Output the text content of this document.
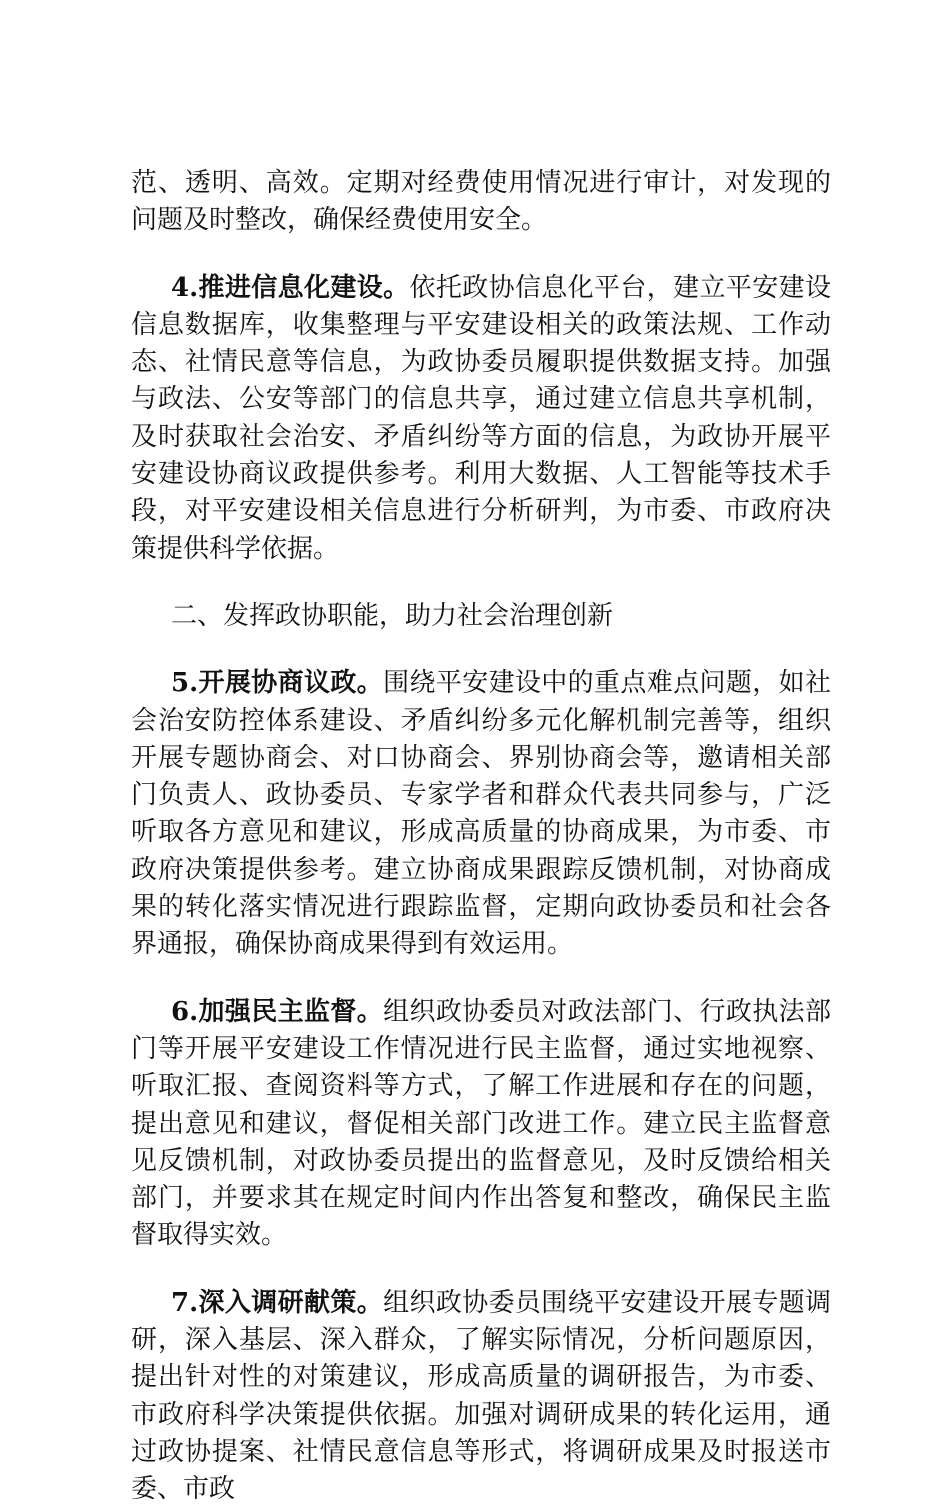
范、透明、高效。定期对经费使用情况进行审计，对发现的问题及时整改，确保经费使用安全。

4.推进信息化建设。依托政协信息化平台，建立平安建设信息数据库，收集整理与平安建设相关的政策法规、工作动态、社情民意等信息，为政协委员履职提供数据支持。加强与政法、公安等部门的信息共享，通过建立信息共享机制，及时获取社会治安、矛盾纠纷等方面的信息，为政协开展平安建设协商议政提供参考。利用大数据、人工智能等技术手段，对平安建设相关信息进行分析研判，为市委、市政府决策提供科学依据。

二、发挥政协职能，助力社会治理创新

5.开展协商议政。围绕平安建设中的重点难点问题，如社会治安防控体系建设、矛盾纠纷多元化解机制完善等，组织开展专题协商会、对口协商会、界别协商会等，邀请相关部门负责人、政协委员、专家学者和群众代表共同参与，广泛听取各方意见和建议，形成高质量的协商成果，为市委、市政府决策提供参考。建立协商成果跟踪反馈机制，对协商成果的转化落实情况进行跟踪监督，定期向政协委员和社会各界通报，确保协商成果得到有效运用。

6.加强民主监督。组织政协委员对政法部门、行政执法部门等开展平安建设工作情况进行民主监督，通过实地视察、听取汇报、查阅资料等方式，了解工作进展和存在的问题，提出意见和建议，督促相关部门改进工作。建立民主监督意见反馈机制，对政协委员提出的监督意见，及时反馈给相关部门，并要求其在规定时间内作出答复和整改，确保民主监督取得实效。

7.深入调研献策。组织政协委员围绕平安建设开展专题调研，深入基层、深入群众，了解实际情况，分析问题原因，提出针对性的对策建议，形成高质量的调研报告，为市委、市政府科学决策提供依据。加强对调研成果的转化运用，通过政协提案、社情民意信息等形式，将调研成果及时报送市委、市政
